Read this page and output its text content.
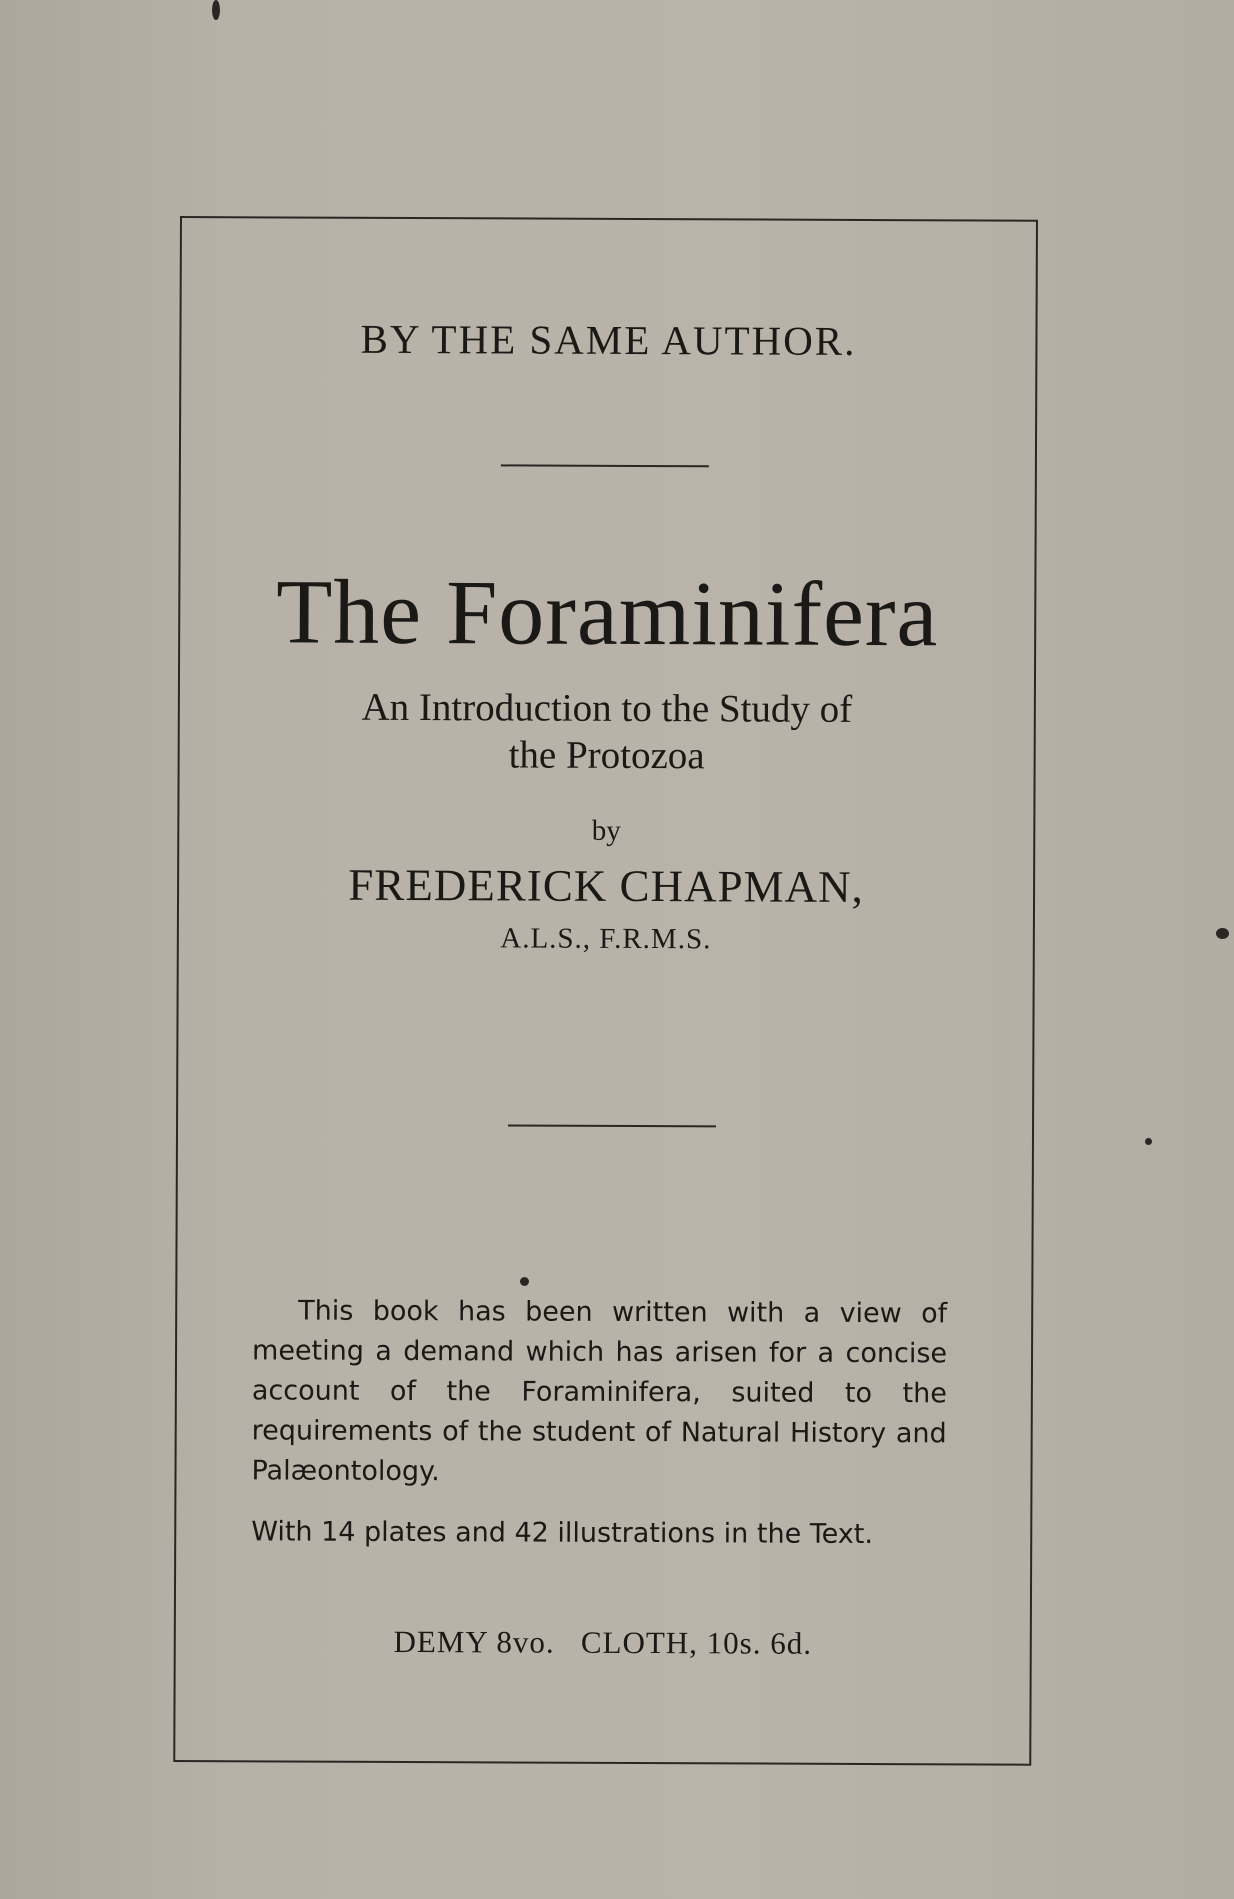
BY THE SAME AUTHOR.
The Foraminifera
An Introduction to the Study of
the Protozoa
by
FREDERICK CHAPMAN,
A.L.S., F.R.M.S.
This book has been written with a view of meeting a demand which has arisen for a concise account of the Foraminifera, suited to the requirements of the student of Natural History and Palæontology.
With 14 plates and 42 illustrations in the Text.
DEMY 8vo.   CLOTH, 10s. 6d.
